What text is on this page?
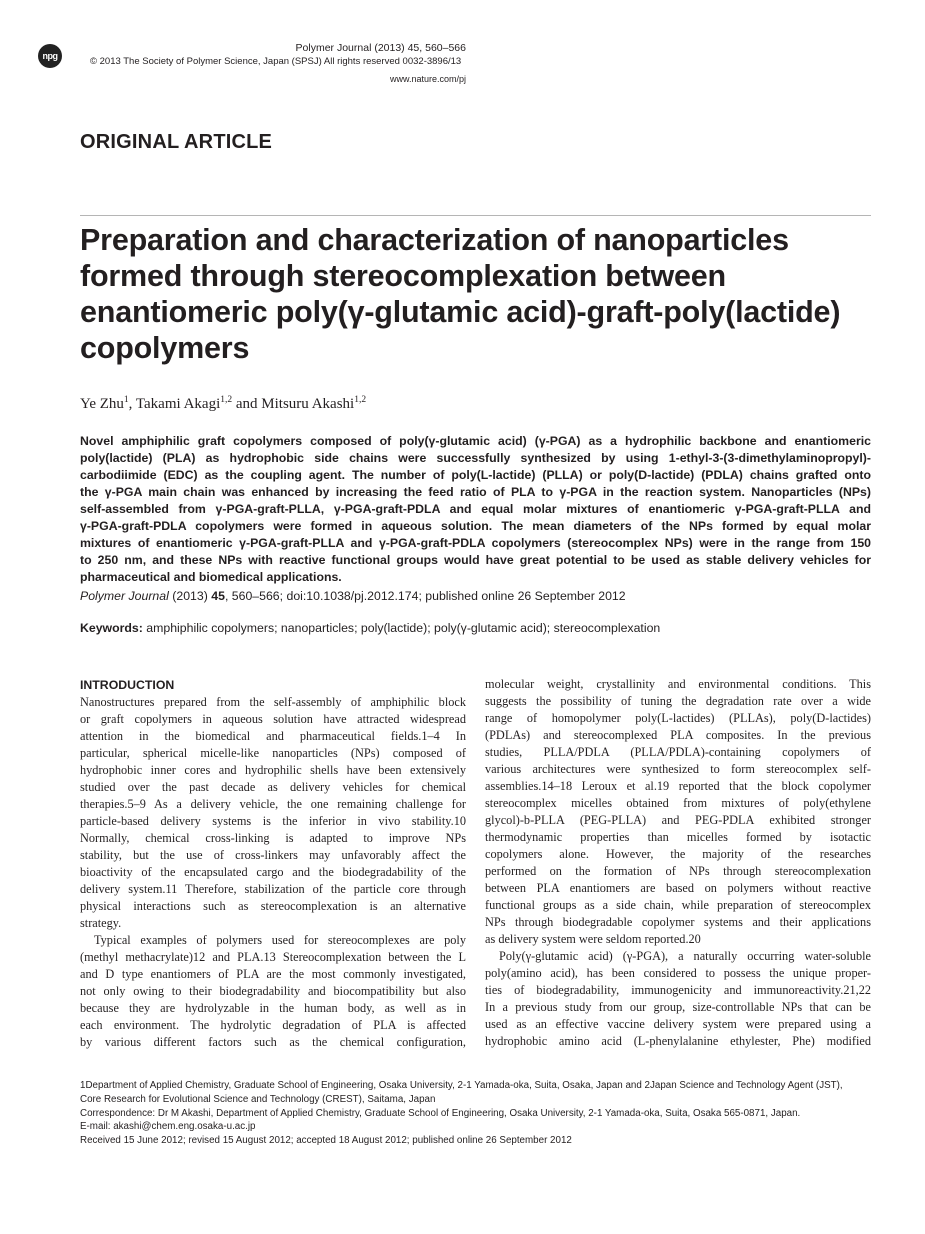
npg
Polymer Journal (2013) 45, 560–566
© 2013 The Society of Polymer Science, Japan (SPSJ) All rights reserved 0032-3896/13
www.nature.com/pj
ORIGINAL ARTICLE
Preparation and characterization of nanoparticles
formed through stereocomplexation between
enantiomeric poly(γ-glutamic acid)-graft-poly(lactide)
copolymers
Ye Zhu$^1$, Takami Akagi$^{1,2}$ and Mitsuru Akashi$^{1,2}$
Novel amphiphilic graft copolymers composed of poly(γ-glutamic acid) (γ-PGA) as a hydrophilic backbone and enantiomeric
poly(lactide) (PLA) as hydrophobic side chains were successfully synthesized by using 1-ethyl-3-(3-dimethylaminopropyl)-
carbodiimide (EDC) as the coupling agent. The number of poly(L-lactide) (PLLA) or poly(D-lactide) (PDLA) chains grafted onto
the γ-PGA main chain was enhanced by increasing the feed ratio of PLA to γ-PGA in the reaction system. Nanoparticles (NPs)
self-assembled from γ-PGA-graft-PLLA, γ-PGA-graft-PDLA and equal molar mixtures of enantiomeric γ-PGA-graft-PLLA and
γ-PGA-graft-PDLA copolymers were formed in aqueous solution. The mean diameters of the NPs formed by equal molar
mixtures of enantiomeric γ-PGA-graft-PLLA and γ-PGA-graft-PDLA copolymers (stereocomplex NPs) were in the range from 150
to 250 nm, and these NPs with reactive functional groups would have great potential to be used as stable delivery vehicles for
pharmaceutical and biomedical applications.
Polymer Journal (2013) 45, 560–566; doi:10.1038/pj.2012.174; published online 26 September 2012
Keywords: amphiphilic copolymers; nanoparticles; poly(lactide); poly(γ-glutamic acid); stereocomplexation
INTRODUCTION
Nanostructures prepared from the self-assembly of amphiphilic block
or graft copolymers in aqueous solution have attracted widespread
attention in the biomedical and pharmaceutical fields.1–4 In
particular, spherical micelle-like nanoparticles (NPs) composed of
hydrophobic inner cores and hydrophilic shells have been extensively
studied over the past decade as delivery vehicles for chemical
therapies.5–9 As a delivery vehicle, the one remaining challenge for
particle-based delivery systems is the inferior in vivo stability.10
Normally, chemical cross-linking is adapted to improve NPs
stability, but the use of cross-linkers may unfavorably affect the
bioactivity of the encapsulated cargo and the biodegradability of the
delivery system.11 Therefore, stabilization of the particle core through
physical interactions such as stereocomplexation is an alternative
strategy.
Typical examples of polymers used for stereocomplexes are poly
(methyl methacrylate)12 and PLA.13 Stereocomplexation between the L
and D type enantiomers of PLA are the most commonly investigated,
not only owing to their biodegradability and biocompatibility but also
because they are hydrolyzable in the human body, as well as in
each environment. The hydrolytic degradation of PLA is affected
by various different factors such as the chemical configuration,
molecular weight, crystallinity and environmental conditions. This
suggests the possibility of tuning the degradation rate over a wide
range of homopolymer poly(L-lactides) (PLLAs), poly(D-lactides)
(PDLAs) and stereocomplexed PLA composites. In the previous
studies, PLLA/PDLA (PLLA/PDLA)-containing copolymers of
various architectures were synthesized to form stereocomplex self-
assemblies.14–18 Leroux et al.19 reported that the block copolymer
stereocomplex micelles obtained from mixtures of poly(ethylene
glycol)-b-PLLA (PEG-PLLA) and PEG-PDLA exhibited stronger
thermodynamic properties than micelles formed by isotactic
copolymers alone. However, the majority of the researches
performed on the formation of NPs through stereocomplexation
between PLA enantiomers are based on polymers without reactive
functional groups as a side chain, while preparation of stereocomplex
NPs through biodegradable copolymer systems and their applications
as delivery system were seldom reported.20
Poly(γ-glutamic acid) (γ-PGA), a naturally occurring water-soluble
poly(amino acid), has been considered to possess the unique proper-
ties of biodegradability, immunogenicity and immunoreactivity.21,22
In a previous study from our group, size-controllable NPs that can be
used as an effective vaccine delivery system were prepared using a
hydrophobic amino acid (L-phenylalanine ethylester, Phe) modified
1Department of Applied Chemistry, Graduate School of Engineering, Osaka University, 2-1 Yamada-oka, Suita, Osaka, Japan and 2Japan Science and Technology Agent (JST),
Core Research for Evolutional Science and Technology (CREST), Saitama, Japan
Correspondence: Dr M Akashi, Department of Applied Chemistry, Graduate School of Engineering, Osaka University, 2-1 Yamada-oka, Suita, Osaka 565-0871, Japan.
E-mail: akashi@chem.eng.osaka-u.ac.jp
Received 15 June 2012; revised 15 August 2012; accepted 18 August 2012; published online 26 September 2012
